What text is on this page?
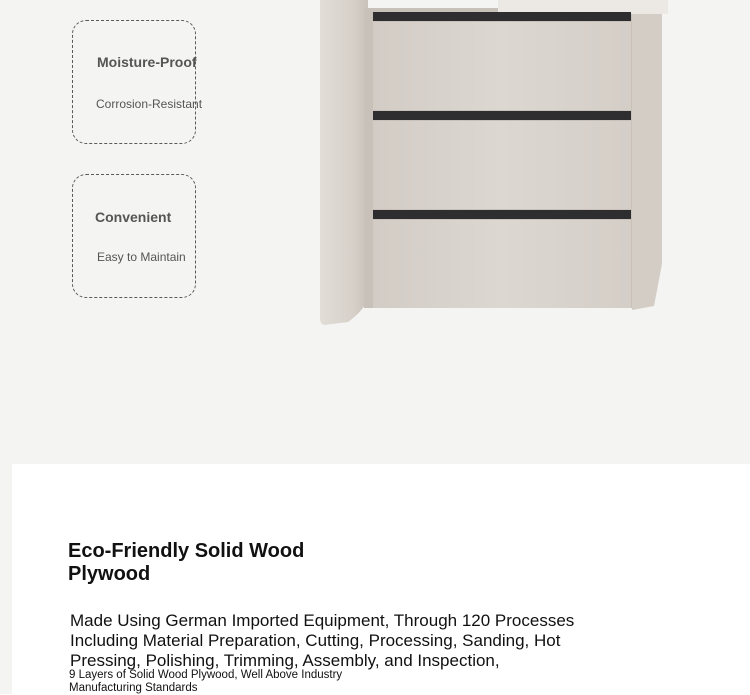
Moisture-Proof
Corrosion-Resistant
Convenient
Easy to Maintain
Eco-Friendly Solid Wood Plywood

Made Using German Imported Equipment, Through 120 Processes Including Material Preparation, Cutting, Processing, Sanding, Hot Pressing, Polishing, Trimming, Assembly, and Inspection,

9 Layers of Solid Wood Plywood, Well Above Industry Manufacturing Standards
